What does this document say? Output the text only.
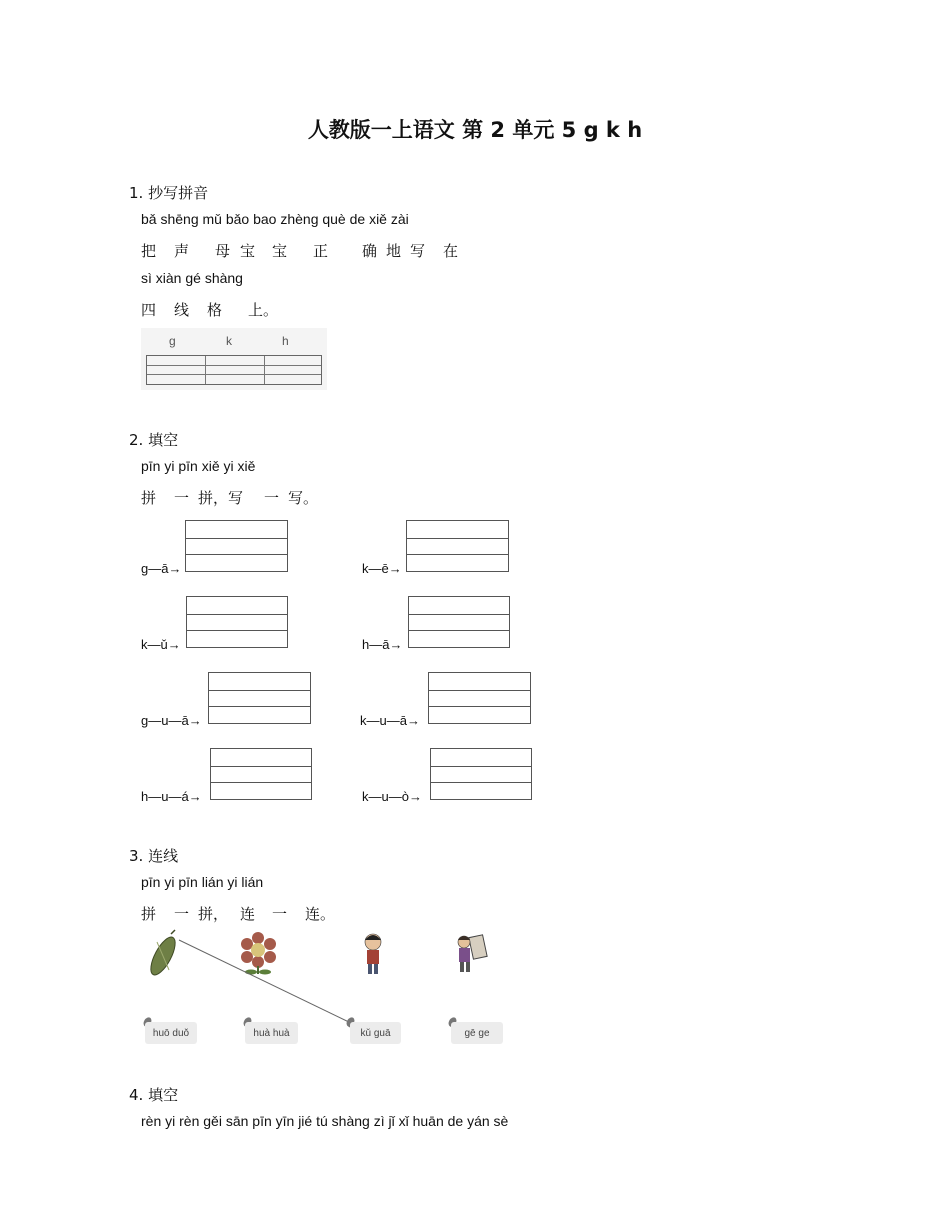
人教版一上语文 第 2 单元 5 g k h
1. 抄写拼音
bǎ shēng mǔ bǎo bao zhèng què de xiě zài
把 声 母 宝 宝 正 确 地 写 在
sì xiàn gé shàng
四 线 格 上。
g	k	h
2. 填空
pīn yi pīn xiě yi xiě
拼 一 拼，写 一 写。
g—ā→	k—ē→
k—ǔ→	h—ā→
g—u—ā→	k—u—ā→
h—u—á→	k—u—ò→
3. 连线
pīn yi pīn lián yi lián
拼 一 拼， 连 一 连。
huō duǒ	huà huà	kǔ guā	gē ge
4. 填空
rèn yi rèn gěi sān pīn yīn jié tú shàng zì jǐ xǐ huān de yán sè
